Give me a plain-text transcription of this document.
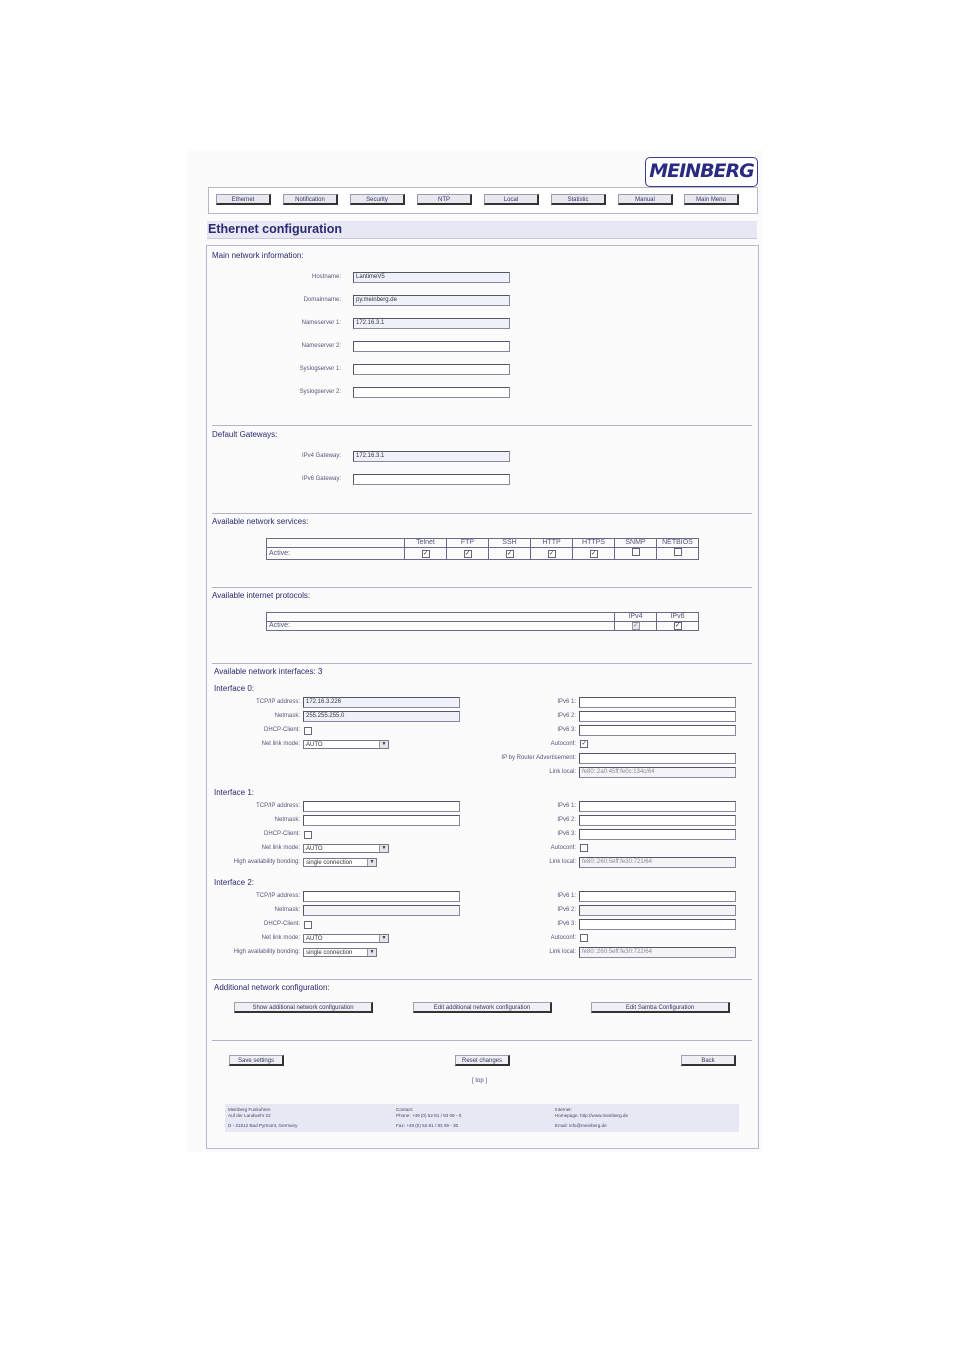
MEINBERG
Ethernet	Notification	Security	NTP	Local	Statistic	Manual	Main Menu
Ethernet configuration
Main network information:
Hostname:	LantimeV5
Domainname:	py.meinberg.de
Nameserver 1:	172.16.3.1
Nameserver 2:
Syslogserver 1:
Syslogserver 2:
Default Gateways:
IPv4 Gateway:	172.16.3.1
IPv6 Gateway:
Available network services:
	Telnet	FTP	SSH	HTTP	HTTPS	SNMP	NETBIOS
Active:	✓	✓	✓	✓	✓		
Available internet protocols:
	IPv4	IPv6
Active:	✓	✓
Available network interfaces: 3
Interface 0:
TCP/IP address:	172.16.3.226
Netmask:	255.255.255.0
DHCP-Client:
Net link mode:	AUTO	▼
IPv6 1:
IPv6 2:
IPv6 3:
Autoconf: ✓
IP by Router Advertisement:
Link local:	fe80::2a0:45ff:fe0c:134c/64
Interface 1:
TCP/IP address:
Netmask:
DHCP-Client:
Net link mode:	AUTO	▼
High availability bonding:	single connection	▼
IPv6 1:
IPv6 2:
IPv6 3:
Autoconf:
Link local:	fe80::260:5eff:fe30:721/64
Interface 2:
TCP/IP address:
Netmask:
DHCP-Client:
Net link mode:	AUTO	▼
High availability bonding:	single connection	▼
IPv6 1:
IPv6 2:
IPv6 3:
Autoconf:
Link local:	fe80::260:5eff:fe30:722/64
Additional network configuration:
Show additional network configuration	Edit additional network configuration	Edit Samba Configuration
Save settings	Reset changes	Back
[ top ]
Meinberg Funkuhren
Auf der Landwehr 22
D - 31812 Bad Pyrmont, Germany
Contact:
Phone: +49 (0) 52 81 / 93 09 - 0
Fax: +49 (0) 52 81 / 93 09 - 30
Internet:
Homepage: http://www.meinberg.de
Email: info@meinberg.de
